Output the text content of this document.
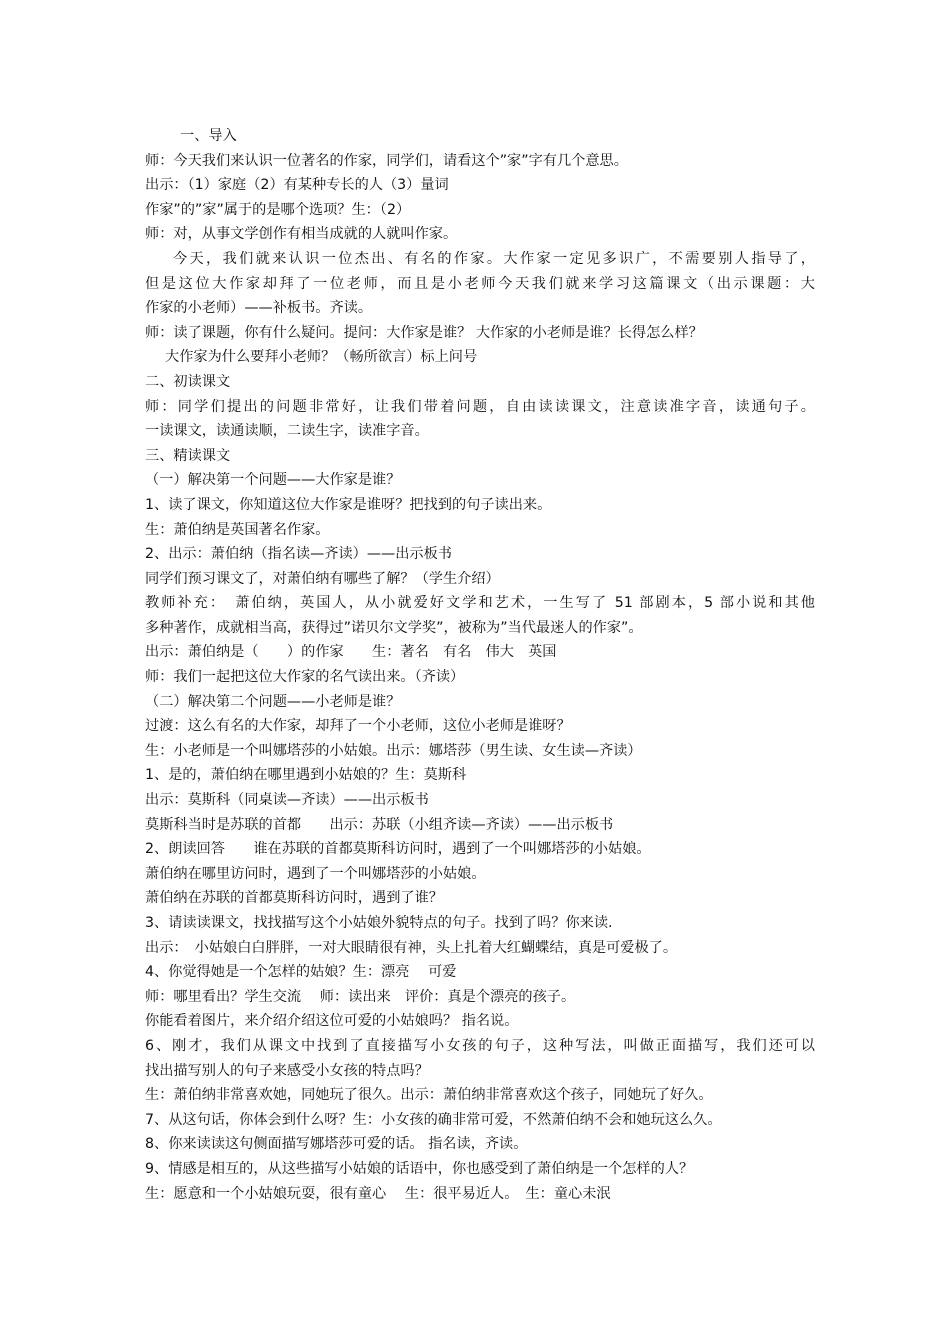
一、导入
师：今天我们来认识一位著名的作家，同学们，请看这个”家”字有几个意思。
出示：（1）家庭（2）有某种专长的人（3）量词
作家”的”家”属于的是哪个选项？生：（2）
师：对，从事文学创作有相当成就的人就叫作家。
今天，我们就来认识一位杰出、有名的作家。大作家一定见多识广，不需要别人指导了，
但是这位大作家却拜了一位老师，而且是小老师今天我们就来学习这篇课文（出示课题：大
作家的小老师）——补板书。齐读。
师：读了课题，你有什么疑问。提问：大作家是谁？ 大作家的小老师是谁？长得怎么样？
大作家为什么要拜小老师？（畅所欲言）标上问号
二、初读课文
师：同学们提出的问题非常好，让我们带着问题，自由读读课文，注意读准字音，读通句子。
一读课文，读通读顺，二读生字，读准字音。
三、精读课文
（一）解决第一个问题——大作家是谁？
1、读了课文，你知道这位大作家是谁呀？把找到的句子读出来。
生：萧伯纳是英国著名作家。
2、出示：萧伯纳（指名读—齐读）——出示板书
同学们预习课文了，对萧伯纳有哪些了解？（学生介绍）
教师补充：　萧伯纳，英国人，从小就爱好文学和艺术，一生写了 51 部剧本，5 部小说和其他
多种著作，成就相当高，获得过”诺贝尔文学奖”，被称为”当代最迷人的作家”。
出示：萧伯纳是（　　）的作家　　生：著名　有名　伟大　英国
师：我们一起把这位大作家的名气读出来。（齐读）
（二）解决第二个问题——小老师是谁？
过渡：这么有名的大作家，却拜了一个小老师，这位小老师是谁呀？
生：小老师是一个叫娜塔莎的小姑娘。出示：娜塔莎（男生读、女生读—齐读）
1、是的，萧伯纳在哪里遇到小姑娘的？生：莫斯科
出示：莫斯科（同桌读—齐读）——出示板书
莫斯科当时是苏联的首都　　出示：苏联（小组齐读—齐读）——出示板书
2、朗读回答　　谁在苏联的首都莫斯科访问时，遇到了一个叫娜塔莎的小姑娘。
萧伯纳在哪里访问时，遇到了一个叫娜塔莎的小姑娘。
萧伯纳在苏联的首都莫斯科访问时，遇到了谁？
3、请读读课文，找找描写这个小姑娘外貌特点的句子。找到了吗？你来读.
出示：　小姑娘白白胖胖，一对大眼睛很有神，头上扎着大红蝴蝶结，真是可爱极了。
4、你觉得她是一个怎样的姑娘？生：漂亮　 可爱
师：哪里看出？学生交流　 师：读出来　评价：真是个漂亮的孩子。
你能看着图片，来介绍介绍这位可爱的小姑娘吗？ 指名说。
6、刚才，我们从课文中找到了直接描写小女孩的句子，这种写法，叫做正面描写，我们还可以
找出描写别人的句子来感受小女孩的特点吗？
生：萧伯纳非常喜欢她，同她玩了很久。出示：萧伯纳非常喜欢这个孩子，同她玩了好久。
7、从这句话，你体会到什么呀？生：小女孩的确非常可爱，不然萧伯纳不会和她玩这么久。
8、你来读读这句侧面描写娜塔莎可爱的话。 指名读，齐读。
9、情感是相互的，从这些描写小姑娘的话语中，你也感受到了萧伯纳是一个怎样的人？
生：愿意和一个小姑娘玩耍，很有童心　 生：很平易近人。　生：童心未泯
